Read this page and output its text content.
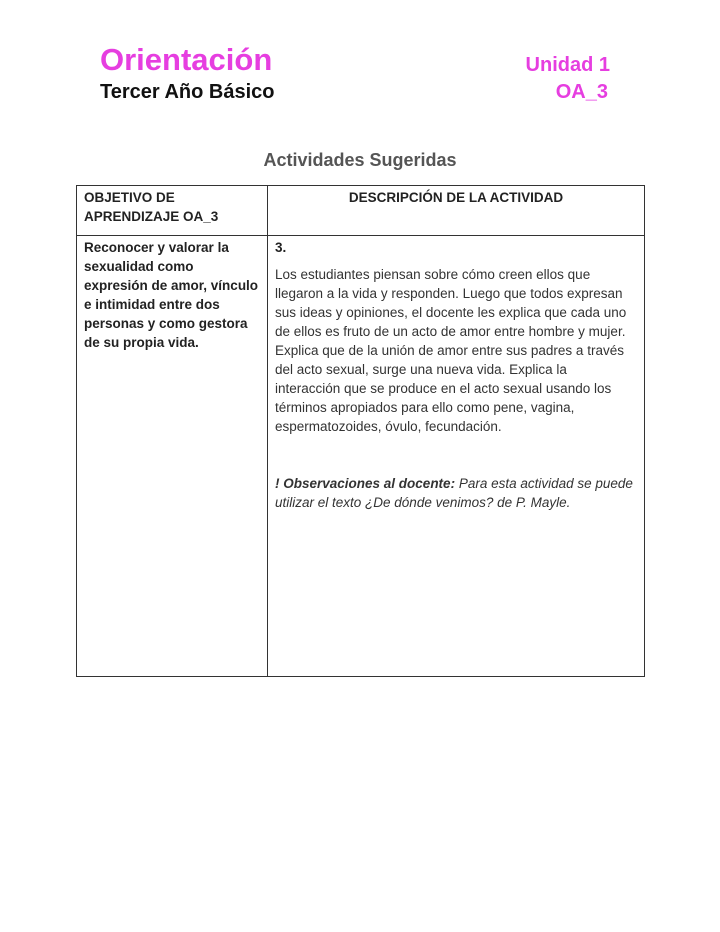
Orientación
Tercer Año Básico
Unidad 1
OA_3
Actividades Sugeridas
OBJETIVO DE APRENDIZAJE OA_3	DESCRIPCIÓN DE LA ACTIVIDAD

Reconocer y valorar la sexualidad como expresión de amor, vínculo e intimidad entre dos personas y como gestora de su propia vida.	3.
Los estudiantes piensan sobre cómo creen ellos que llegaron a la vida y responden. Luego que todos expresan sus ideas y opiniones, el docente les explica que cada uno de ellos es fruto de un acto de amor entre hombre y mujer. Explica que de la unión de amor entre sus padres a través del acto sexual, surge una nueva vida. Explica la interacción que se produce en el acto sexual usando los términos apropiados para ello como pene, vagina, espermatozoides, óvulo, fecundación.
! Observaciones al docente: Para esta actividad se puede utilizar el texto ¿De dónde venimos? de P. Mayle.
